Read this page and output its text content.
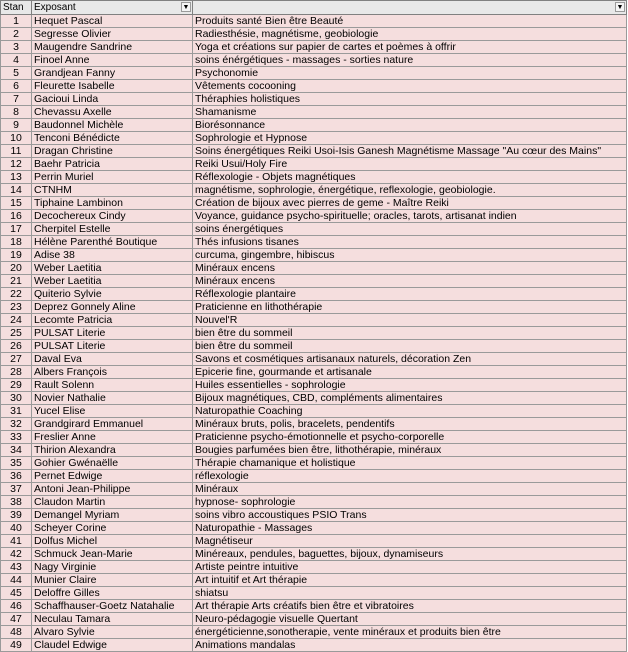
Stan	Exposant ▼	▼

1	Hequet Pascal	Produits santé Bien être Beauté
2	Segresse Olivier	Radiesthésie, magnétisme, geobiologie
3	Maugendre Sandrine	Yoga et créations sur papier de cartes et poèmes à offrir
4	Finoel Anne	soins énérgétiques - massages - sorties nature
5	Grandjean Fanny	Psychonomie
6	Fleurette Isabelle	Vêtements cocooning
7	Gacioui Linda	Théraphies holistiques
8	Chevassu Axelle	Shamanisme
9	Baudonnel Michèle	Biorésonnance
10	Tenconi Bénédicte	Sophrologie et Hypnose
11	Dragan Christine	Soins énergétiques Reiki Usoi-Isis Ganesh Magnétisme Massage "Au cœur des Mains"
12	Baehr Patricia	Reiki Usui/Holy Fire
13	Perrin Muriel	Réflexologie - Objets magnétiques
14	CTNHM	magnétisme, sophrologie, énergétique, reflexologie, geobiologie.
15	Tiphaine Lambinon	Création de bijoux avec pierres de geme - Maître Reiki
16	Decochereux Cindy	Voyance, guidance psycho-spirituelle; oracles, tarots, artisanat indien
17	Cherpitel Estelle	soins énergétiques
18	Hélène Parenthé Boutique	Thés infusions tisanes
19	Adise 38	curcuma, gingembre, hibiscus
20	Weber Laetitia	Minéraux encens
21	Weber Laetitia	Minéraux encens
22	Quiterio Sylvie	Réflexologie plantaire
23	Deprez Gonnely Aline	Praticienne en lithothérapie
24	Lecomte Patricia	Nouvel'R
25	PULSAT Literie	bien être du sommeil
26	PULSAT Literie	bien être du sommeil
27	Daval Eva	Savons et cosmétiques artisanaux naturels, décoration Zen
28	Albers François	Epicerie fine, gourmande et artisanale
29	Rault Solenn	Huiles essentielles - sophrologie
30	Novier Nathalie	Bijoux magnétiques, CBD, compléments alimentaires
31	Yucel Elise	Naturopathie Coaching
32	Grandgirard Emmanuel	Minéraux bruts, polis, bracelets, pendentifs
33	Freslier Anne	Praticienne psycho-émotionnelle et psycho-corporelle
34	Thirion Alexandra	Bougies parfumées bien être, lithothérapie, minéraux
35	Gohier Gwénaëlle	Thérapie chamanique et holistique
36	Pernet Edwige	réflexologie
37	Antoni Jean-Philippe	Minéraux
38	Claudon Martin	hypnose- sophrologie
39	Demangel Myriam	soins vibro accoustiques PSIO Trans
40	Scheyer Corine	Naturopathie - Massages
41	Dolfus Michel	Magnétiseur
42	Schmuck Jean-Marie	Minéreaux, pendules, baguettes, bijoux, dynamiseurs
43	Nagy Virginie	Artiste peintre intuitive
44	Munier Claire	Art intuitif et Art thérapie
45	Deloffre Gilles	shiatsu
46	Schaffhauser-Goetz Natahalie	Art thérapie Arts créatifs bien être et vibratoires
47	Neculau Tamara	Neuro-pédagogie visuelle Quertant
48	Alvaro Sylvie	énergéticienne,sonotherapie, vente minéraux et produits bien être
49	Claudel Edwige	Animations mandalas
